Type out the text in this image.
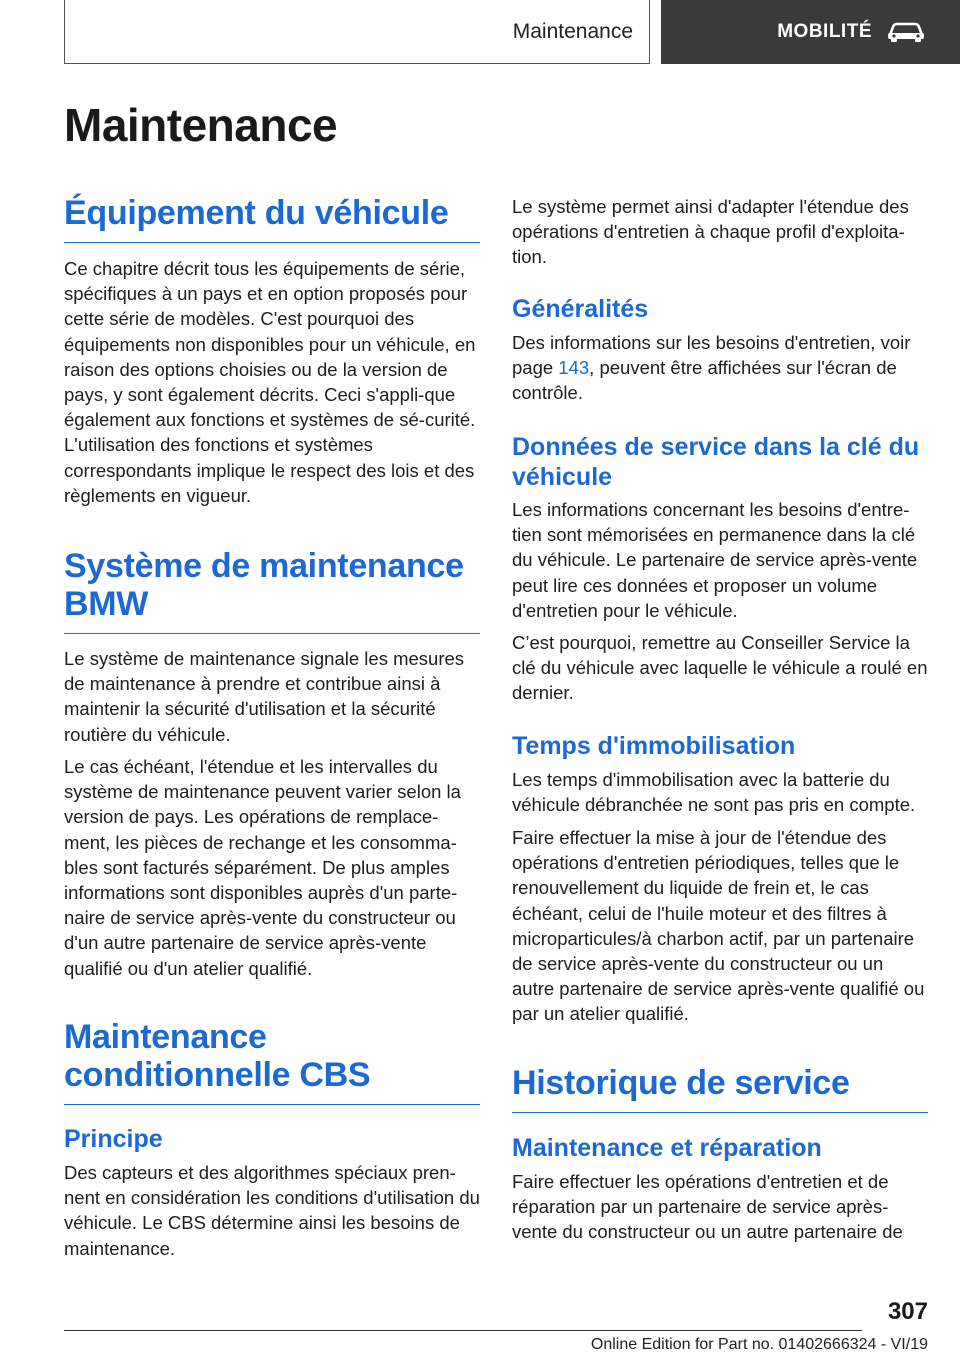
Maintenance	MOBILITÉ
Maintenance
Équipement du véhicule

Ce chapitre décrit tous les équipements de série, spécifiques à un pays et en option proposés pour cette série de modèles. C'est pourquoi des équipements non disponibles pour un véhicule, en raison des options choisies ou de la version de pays, y sont également décrits. Ceci s'appli‐que également aux fonctions et systèmes de sé‐curité. L'utilisation des fonctions et systèmes correspondants implique le respect des lois et des règlements en vigueur.

Système de maintenance BMW

Le système de maintenance signale les mesures de maintenance à prendre et contribue ainsi à maintenir la sécurité d'utilisation et la sécurité routière du véhicule.

Le cas échéant, l'étendue et les intervalles du système de maintenance peuvent varier selon la version de pays. Les opérations de remplace‐ment, les pièces de rechange et les consomma‐bles sont facturés séparément. De plus amples informations sont disponibles auprès d'un parte‐naire de service après-vente du constructeur ou d'un autre partenaire de service après-vente qualifié ou d'un atelier qualifié.

Maintenance conditionnelle CBS
Principe

Des capteurs et des algorithmes spéciaux pren‐nent en considération les conditions d'utilisation du véhicule. Le CBS détermine ainsi les besoins de maintenance.

Le système permet ainsi d'adapter l'étendue des opérations d'entretien à chaque profil d'exploita‐tion.

Généralités

Des informations sur les besoins d'entretien, voir page 143, peuvent être affichées sur l'écran de contrôle.

Données de service dans la clé du véhicule

Les informations concernant les besoins d'entre‐tien sont mémorisées en permanence dans la clé du véhicule. Le partenaire de service après-vente peut lire ces données et proposer un volume d'entretien pour le véhicule.

C’est pourquoi, remettre au Conseiller Service la clé du véhicule avec laquelle le véhicule a roulé en dernier.

Temps d'immobilisation

Les temps d'immobilisation avec la batterie du véhicule débranchée ne sont pas pris en compte.

Faire effectuer la mise à jour de l'étendue des opérations d'entretien périodiques, telles que le renouvellement du liquide de frein et, le cas échéant, celui de l'huile moteur et des filtres à microparticules/à charbon actif, par un partenaire de service après-vente du constructeur ou un autre partenaire de service après-vente qualifié ou par un atelier qualifié.

Historique de service
Maintenance et réparation

Faire effectuer les opérations d'entretien et de réparation par un partenaire de service après-vente du constructeur ou un autre partenaire de

307
Online Edition for Part no. 01402666324 - VI/19
